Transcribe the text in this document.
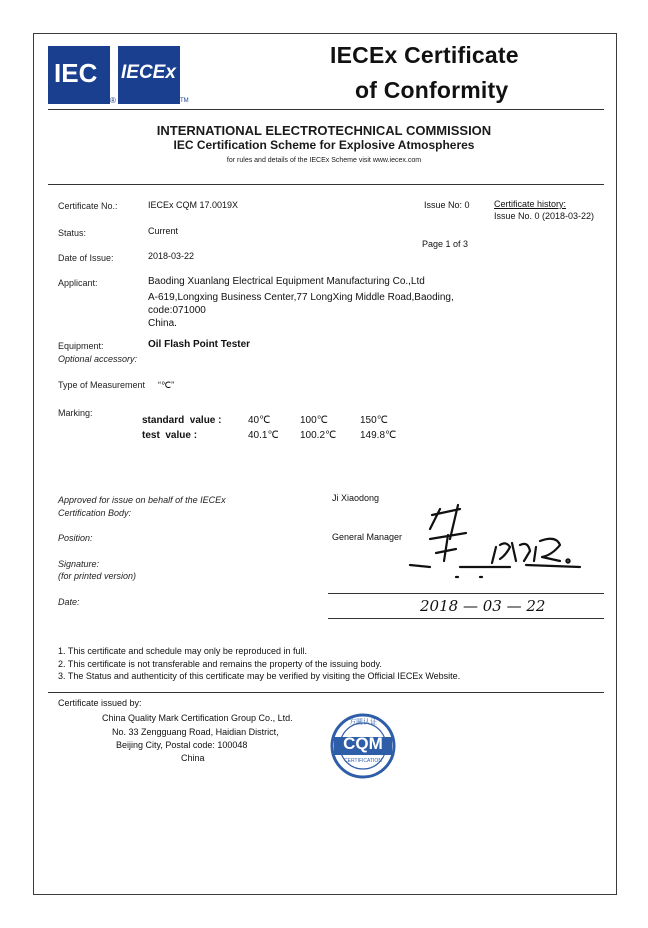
IEC
®
IECEx
TM
IECEx Certificate
of Conformity
INTERNATIONAL ELECTROTECHNICAL COMMISSION
IEC Certification Scheme for Explosive Atmospheres
for rules and details of the IECEx Scheme visit www.iecex.com
Certificate No.:	IECEx CQM 17.0019X	Issue No: 0	Certificate history:
Issue No. 0 (2018-03-22)
Status:	Current
Page 1 of 3
Date of Issue:	2018-03-22
Applicant:	Baoding Xuanlang Electrical Equipment Manufacturing Co.,Ltd
A-619,Longxing Business Center,77 LongXing Middle Road,Baoding,
code:071000
China.
Equipment:	Oil Flash Point Tester
Optional accessory:
Type of Measurement “℃”
Marking:
standard  value :	40℃	100℃	150℃
test  value :	40.1℃ 100.2℃ 149.8℃
Approved for issue on behalf of the IECEx
Certification Body:
Ji Xiaodong
Position:	General Manager
Signature:
(for printed version)
Date:	2018 — 03 — 22
1. This certificate and schedule may only be reproduced in full.
2. This certificate is not transferable and remains the property of the issuing body.
3. The Status and authenticity of this certificate may be verified by visiting the Official IECEx Website.
Certificate issued by:
China Quality Mark Certification Group Co., Ltd.
No. 33 Zengguang Road, Haidian District,
Beijing City, Postal code: 100048
China
CQM
方圆认证
CERTIFICATION
